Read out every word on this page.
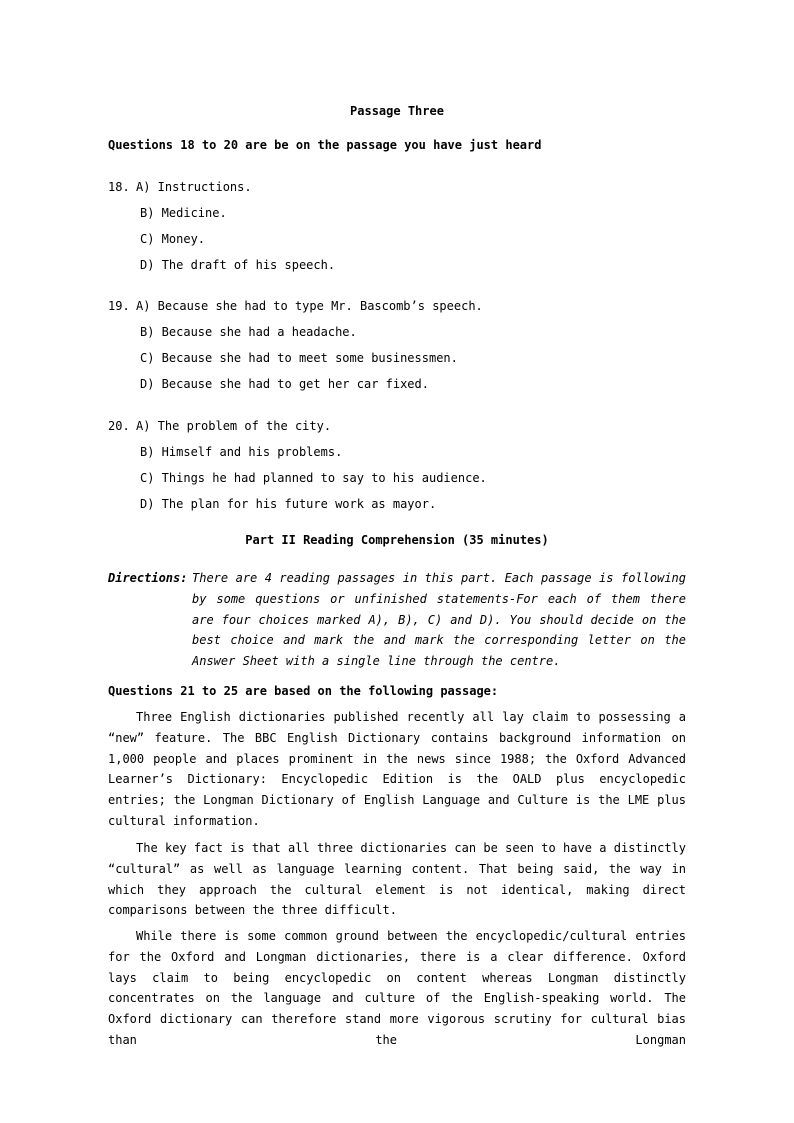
Passage Three
Questions 18 to 20 are be on the passage you have just heard
18. A) Instructions.
B) Medicine.
C) Money.
D) The draft of his speech.
19. A) Because she had to type Mr. Bascomb’s speech.
B) Because she had a headache.
C) Because she had to meet some businessmen.
D) Because she had to get her car fixed.
20. A) The problem of the city.
B) Himself and his problems.
C) Things he had planned to say to his audience.
D) The plan for his future work as mayor.
Part II Reading Comprehension (35 minutes)
Directions: There are 4 reading passages in this part. Each passage is following by some questions or unfinished statements-For each of them there are four choices marked A), B), C) and D). You should decide on the best choice and mark the and mark the corresponding letter on the Answer Sheet with a single line through the centre.
Questions 21 to 25 are based on the following passage:
Three English dictionaries published recently all lay claim to possessing a “new” feature. The BBC English Dictionary contains background information on 1,000 people and places prominent in the news since 1988; the Oxford Advanced Learner’s Dictionary: Encyclopedic Edition is the OALD plus encyclopedic entries; the Longman Dictionary of English Language and Culture is the LME plus cultural information.
The key fact is that all three dictionaries can be seen to have a distinctly “cultural” as well as language learning content. That being said, the way in which they approach the cultural element is not identical, making direct comparisons between the three difficult.
While there is some common ground between the encyclopedic/cultural entries for the Oxford and Longman dictionaries, there is a clear difference. Oxford lays claim to being encyclopedic on content whereas Longman distinctly concentrates on the language and culture of the English-speaking world. The Oxford dictionary can therefore stand more vigorous scrutiny for cultural bias than the Longman
